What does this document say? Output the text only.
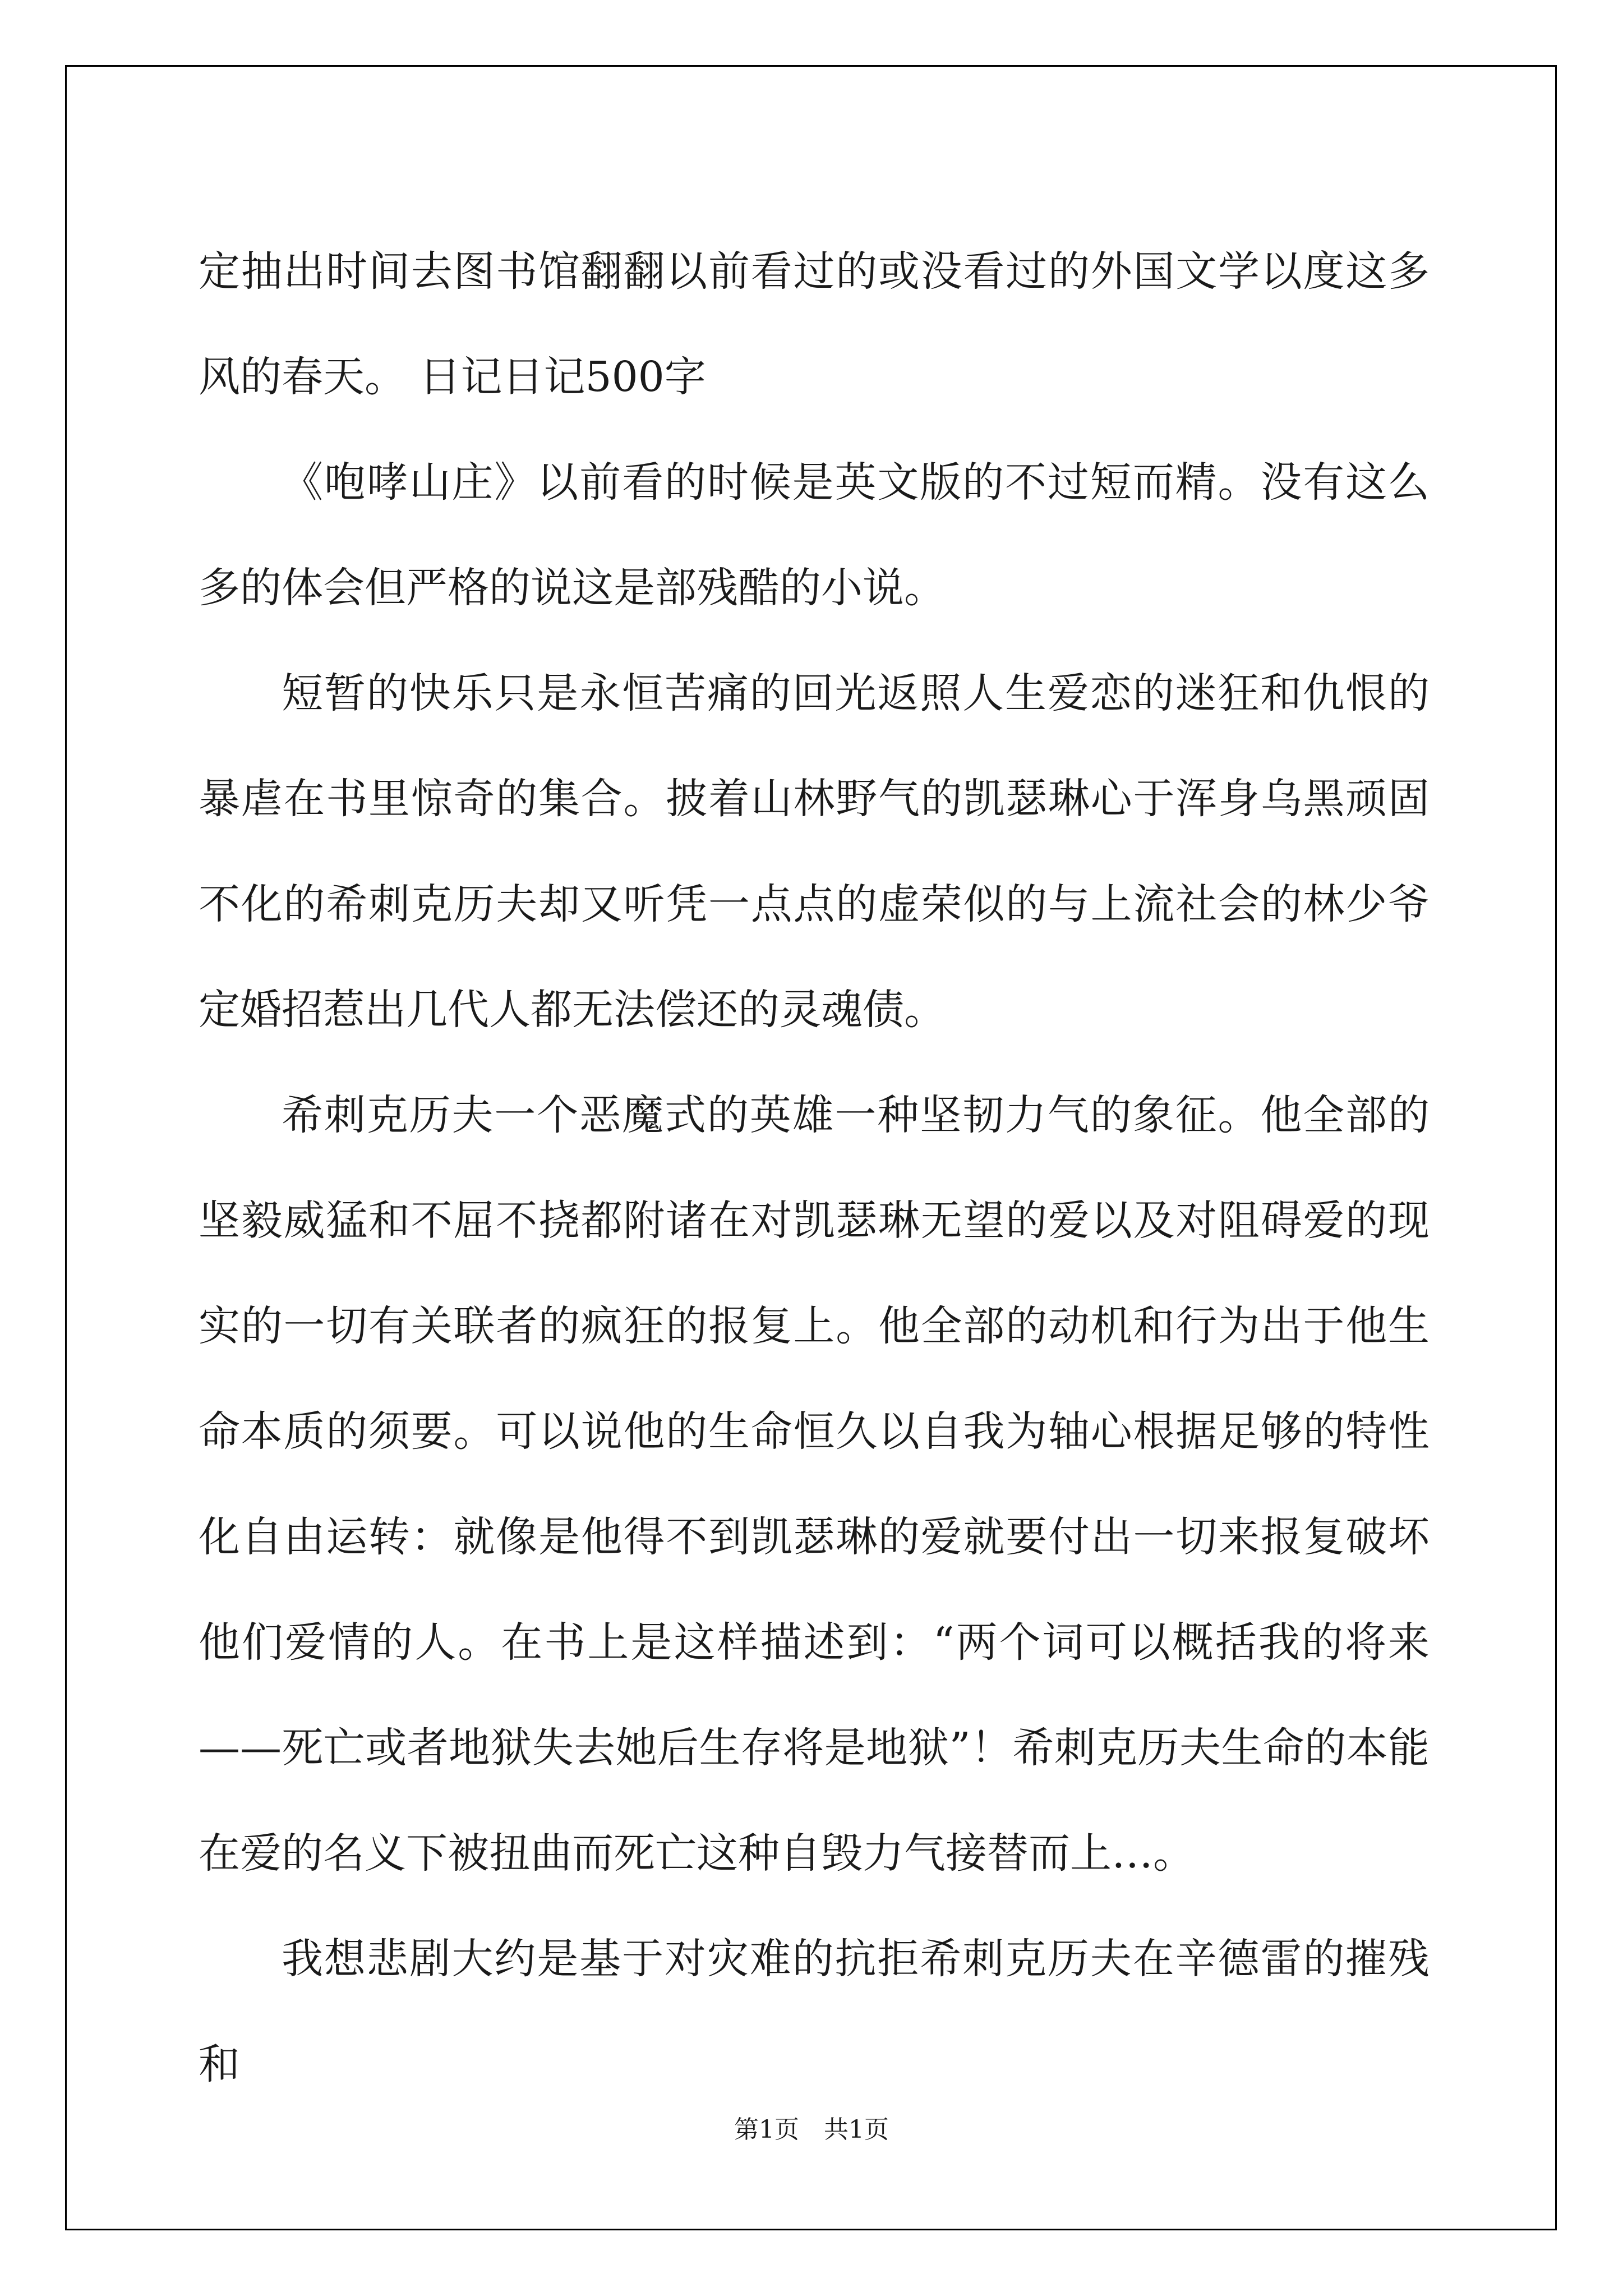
定抽出时间去图书馆翻翻以前看过的或没看过的外国文学以度这多风的春天。 日记日记500字

《咆哮山庄》以前看的时候是英文版的不过短而精。没有这么多的体会但严格的说这是部残酷的小说。

短暂的快乐只是永恒苦痛的回光返照人生爱恋的迷狂和仇恨的暴虐在书里惊奇的集合。披着山林野气的凯瑟琳心于浑身乌黑顽固不化的希刺克历夫却又听凭一点点的虚荣似的与上流社会的林少爷定婚招惹出几代人都无法偿还的灵魂债。

希刺克历夫一个恶魔式的英雄一种坚韧力气的象征。他全部的坚毅威猛和不屈不挠都附诸在对凯瑟琳无望的爱以及对阻碍爱的现实的一切有关联者的疯狂的报复上。他全部的动机和行为出于他生命本质的须要。可以说他的生命恒久以自我为轴心根据足够的特性化自由运转：就像是他得不到凯瑟琳的爱就要付出一切来报复破坏他们爱情的人。在书上是这样描述到：“两个词可以概括我的将来——死亡或者地狱失去她后生存将是地狱”！希刺克历夫生命的本能在爱的名义下被扭曲而死亡这种自毁力气接替而上…。

我想悲剧大约是基于对灾难的抗拒希刺克历夫在辛德雷的摧残和

第1页 共1页
